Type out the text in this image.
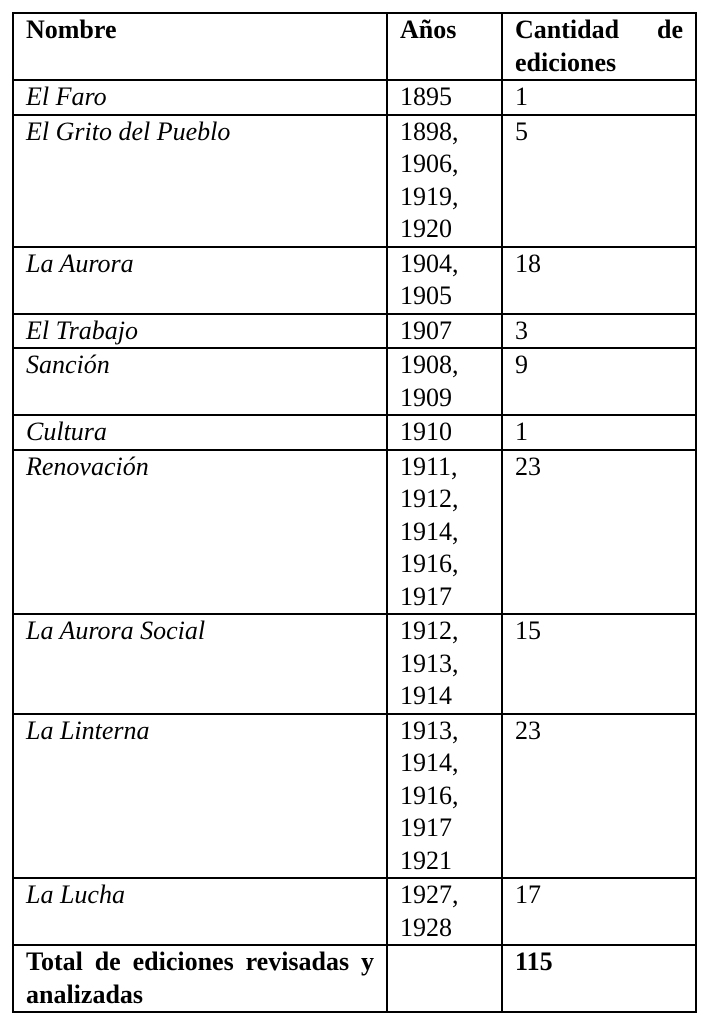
Nombre	Años	Cantidad de
ediciones

El Faro	1895	1
El Grito del Pueblo	1898,
1906,
1919,
1920	5
La Aurora	1904,
1905	18
El Trabajo	1907	3
Sanción	1908,
1909	9
Cultura	1910	1
Renovación	1911,
1912,
1914,
1916,
1917	23
La Aurora Social	1912,
1913,
1914	15
La Linterna	1913,
1914,
1916,
1917
1921	23
La Lucha	1927,
1928	17
Total de ediciones revisadas y analizadas		115
